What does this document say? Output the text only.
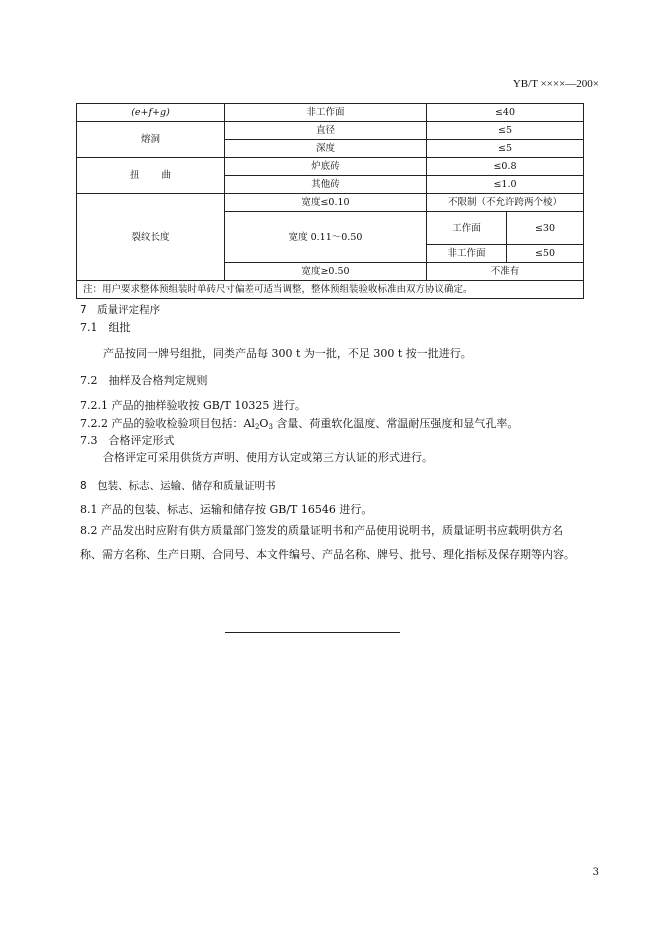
YB/T ××××—200×
(e+f+g)	非工作面	≤40	
熔洞	直径	≤5	
	深度	≤5	
扭 曲	炉底砖	≤0.8	
	其他砖	≤1.0	
裂纹长度	宽度≤0.10	不限制（不允许跨两个棱）	
	宽度 0.11～0.50	工作面	≤30
		非工作面	≤50
	宽度≥0.50	不准有	
注：用户要求整体预组装时单砖尺寸偏差可适当调整，整体预组装验收标准由双方协议确定。			
7　质量评定程序
7.1　组批
产品按同一牌号组批，同类产品每 300 t 为一批，不足 300 t 按一批进行。
7.2　抽样及合格判定规则
7.2.1 产品的抽样验收按 GB/T 10325 进行。
7.2.2 产品的验收检验项目包括：$Al_2O_3$ 含量、荷重软化温度、常温耐压强度和显气孔率。
7.3　合格评定形式
合格评定可采用供货方声明、使用方认定或第三方认证的形式进行。
8　包装、标志、运输、储存和质量证明书
8.1 产品的包装、标志、运输和储存按 GB/T 16546 进行。
8.2 产品发出时应附有供方质量部门签发的质量证明书和产品使用说明书，质量证明书应载明供方名
称、需方名称、生产日期、合同号、本文件编号、产品名称、牌号、批号、理化指标及保存期等内容。
3
